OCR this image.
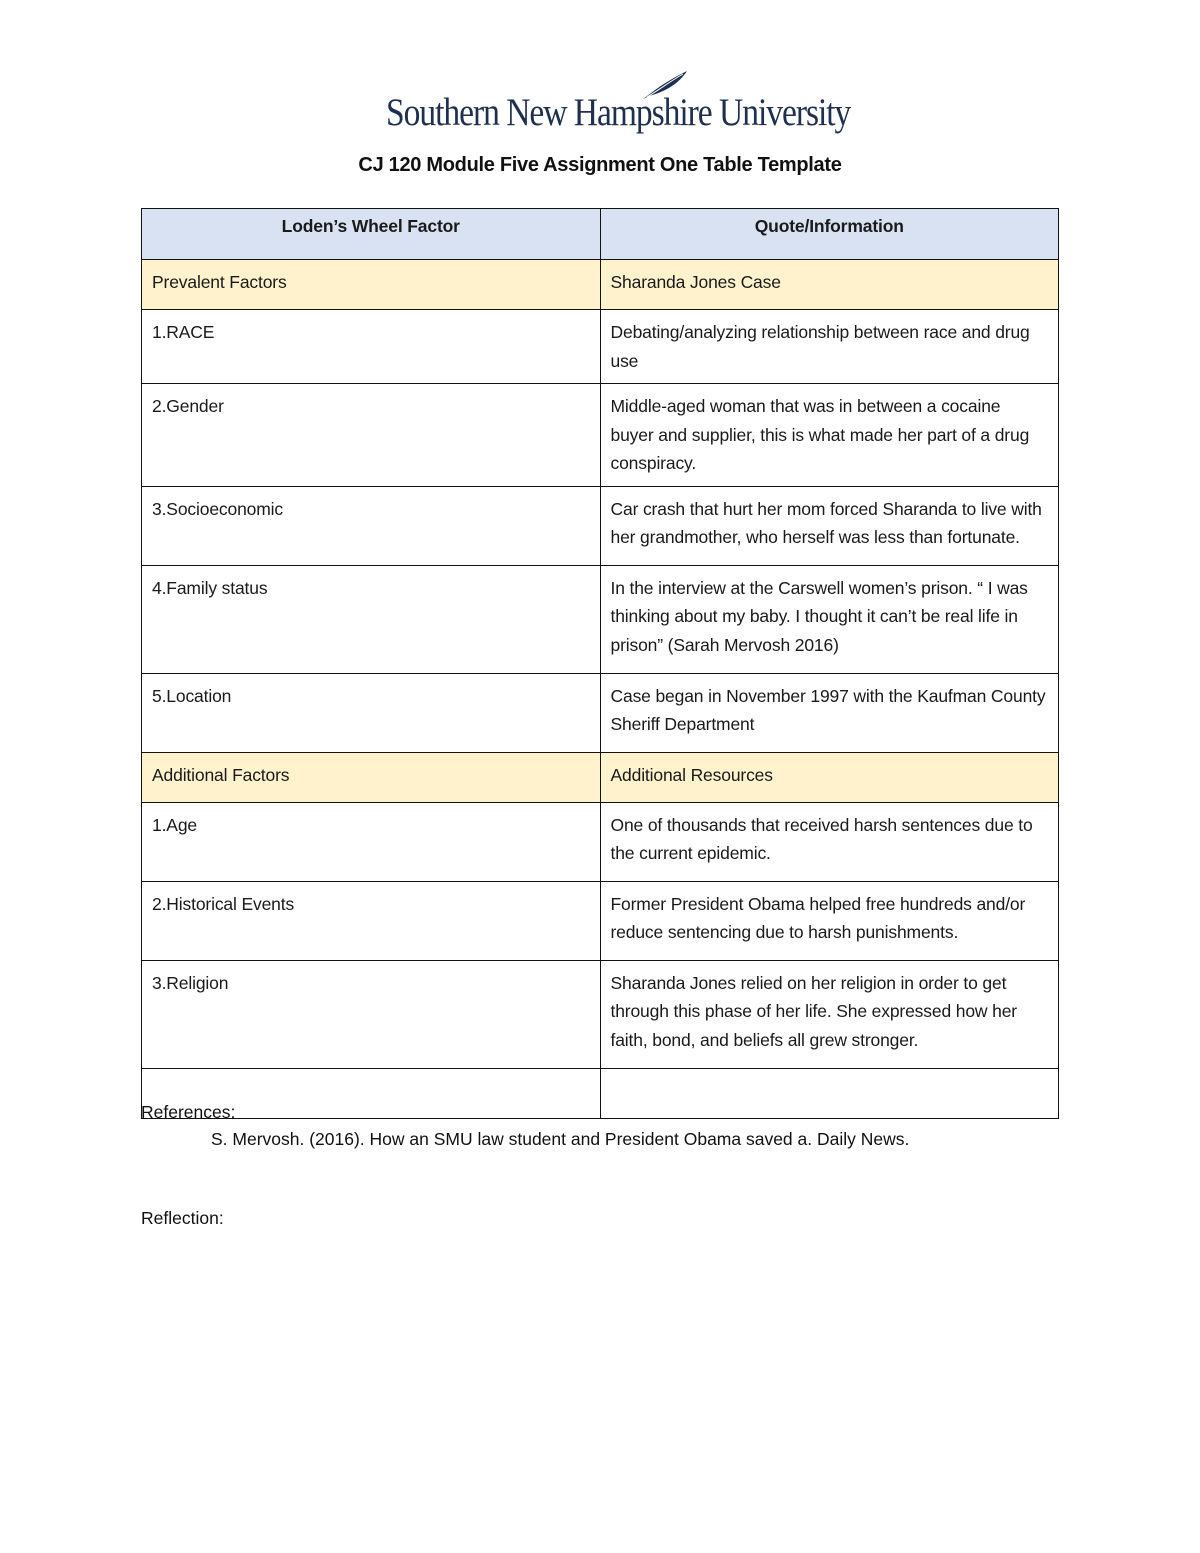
Southern New Hampshire University
CJ 120 Module Five Assignment One Table Template
Loden’s Wheel Factor	Quote/Information
Prevalent Factors	Sharanda Jones Case
1.RACE	Debating/analyzing relationship between race and drug use
2.Gender	Middle-aged woman that was in between a cocaine buyer and supplier, this is what made her part of a drug conspiracy.
3.Socioeconomic	Car crash that hurt her mom forced Sharanda to live with her grandmother, who herself was less than fortunate.
4.Family status	In the interview at the Carswell women’s prison. “ I was thinking about my baby. I thought it can’t be real life in prison” (Sarah Mervosh 2016)
5.Location	Case began in November 1997 with the Kaufman County Sheriff Department
Additional Factors	Additional Resources
1.Age	One of thousands that received harsh sentences due to the current epidemic.
2.Historical Events	Former President Obama helped free hundreds and/or reduce sentencing due to harsh punishments.
3.Religion	Sharanda Jones relied on her religion in order to get through this phase of her life. She expressed how her faith, bond, and beliefs all grew stronger.

References:
S. Mervosh. (2016). How an SMU law student and President Obama saved a. Daily News.
Reflection:
